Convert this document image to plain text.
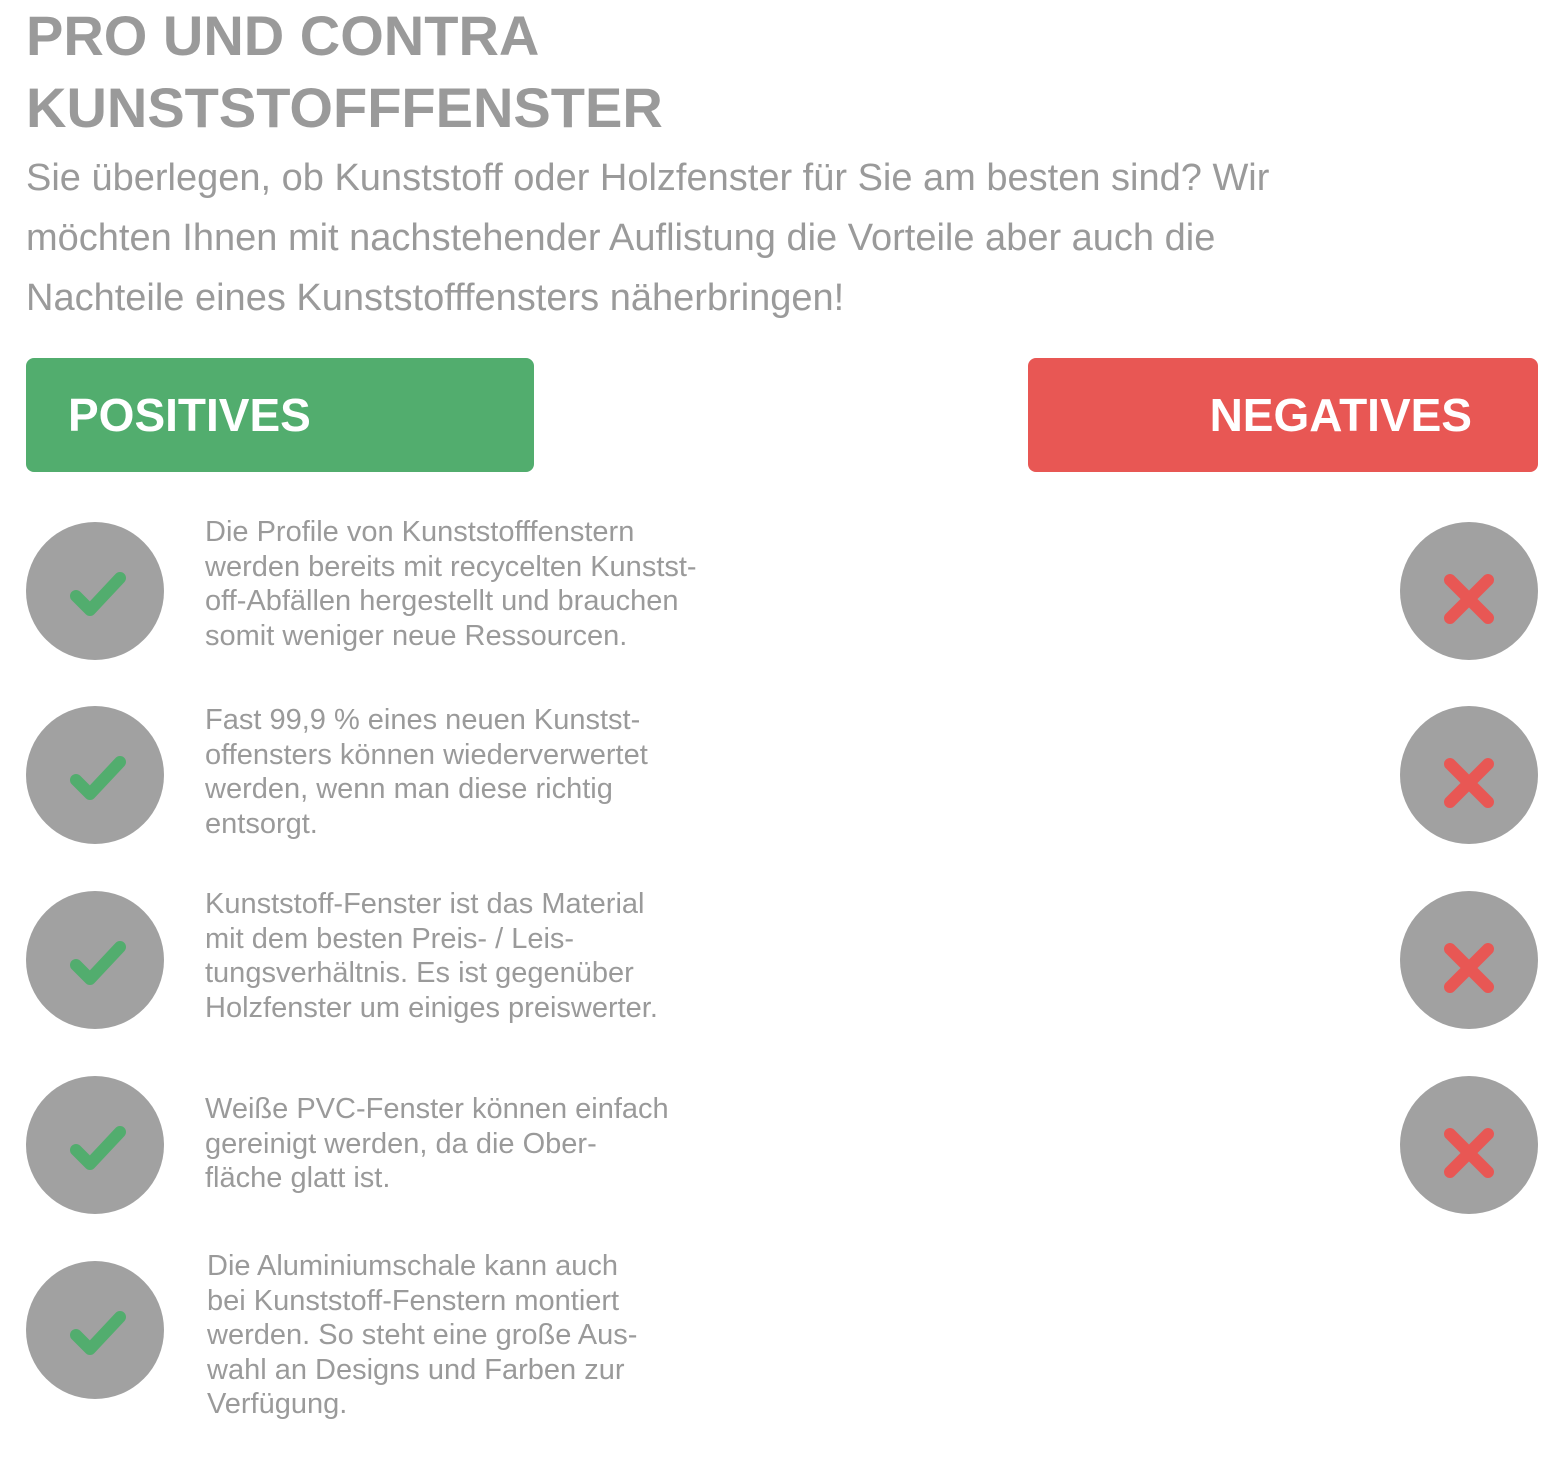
PRO UND CONTRA
KUNSTSTOFFFENSTER

Sie überlegen, ob Kunststoff oder Holzfenster für Sie am besten sind? Wir
möchten Ihnen mit nachstehender Auflistung die Vorteile aber auch die
Nachteile eines Kunststofffensters näherbringen!

POSITIVES	NEGATIVES

Die Profile von Kunststofffenstern
werden bereits mit recycelten Kunstst-
off-Abfällen hergestellt und brauchen
somit weniger neue Ressourcen.

Fast 99,9 % eines neuen Kunstst-
offensters können wiederverwertet
werden, wenn man diese richtig
entsorgt.

Kunststoff-Fenster ist das Material
mit dem besten Preis- / Leis-
tungsverhältnis. Es ist gegenüber
Holzfenster um einiges preiswerter.

Weiße PVC-Fenster können einfach
gereinigt werden, da die Ober-
fläche glatt ist.

Die Aluminiumschale kann auch
bei Kunststoff-Fenstern montiert
werden. So steht eine große Aus-
wahl an Designs und Farben zur
Verfügung.
